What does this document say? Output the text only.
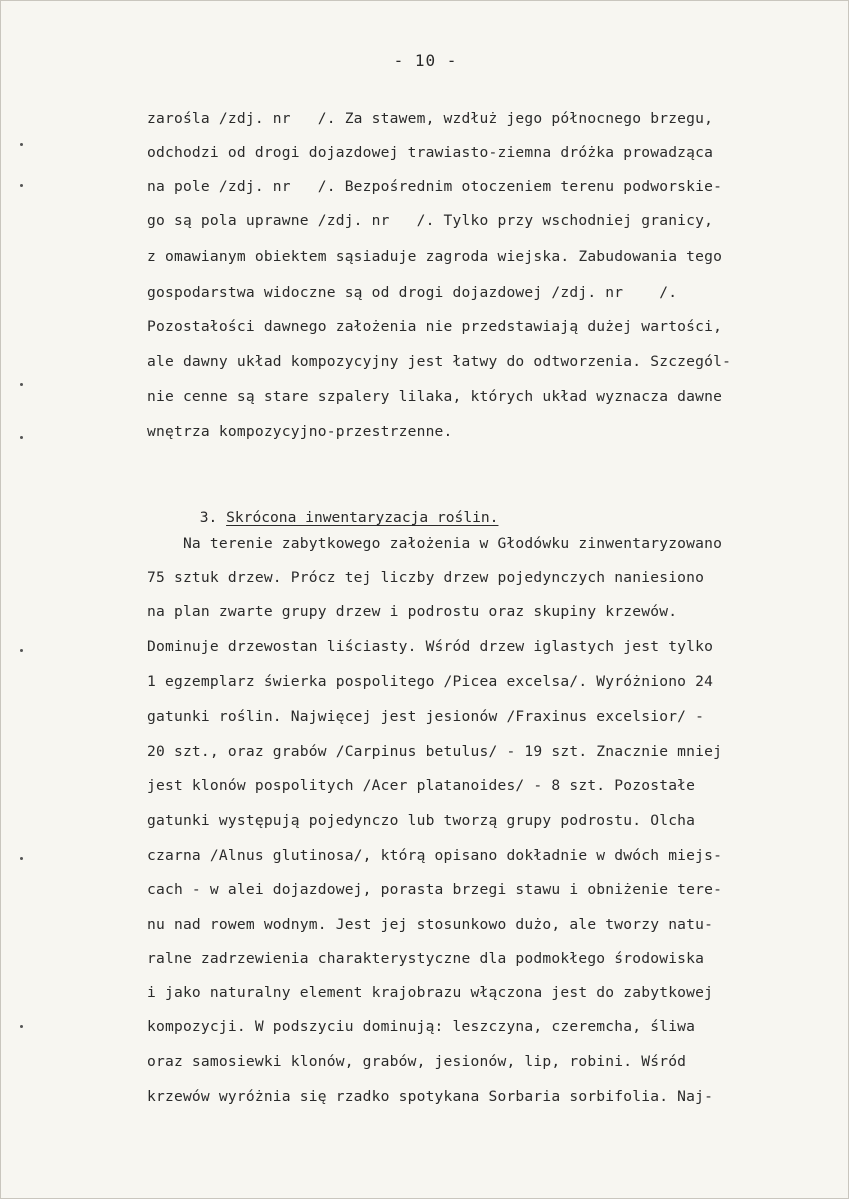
- 10 -
zarośla /zdj. nr   /. Za stawem, wzdłuż jego północnego brzegu,
odchodzi od drogi dojazdowej trawiasto-ziemna dróżka prowadząca
na pole /zdj. nr   /. Bezpośrednim otoczeniem terenu podworskie-
go są pola uprawne /zdj. nr   /. Tylko przy wschodniej granicy,
z omawianym obiektem sąsiaduje zagroda wiejska. Zabudowania tego
gospodarstwa widoczne są od drogi dojazdowej /zdj. nr    /.
Pozostałości dawnego założenia nie przedstawiają dużej wartości,
ale dawny układ kompozycyjny jest łatwy do odtworzenia. Szczegól-
nie cenne są stare szpalery lilaka, których układ wyznacza dawne
wnętrza kompozycyjno-przestrzenne.

3. Skrócona inwentaryzacja roślin.

Na terenie zabytkowego założenia w Głodówku zinwentaryzowano
75 sztuk drzew. Prócz tej liczby drzew pojedynczych naniesiono
na plan zwarte grupy drzew i podrostu oraz skupiny krzewów.
Dominuje drzewostan liściasty. Wśród drzew iglastych jest tylko
1 egzemplarz świerka pospolitego /Picea excelsa/. Wyróżniono 24
gatunki roślin. Najwięcej jest jesionów /Fraxinus excelsior/ -
20 szt., oraz grabów /Carpinus betulus/ - 19 szt. Znacznie mniej
jest klonów pospolitych /Acer platanoides/ - 8 szt. Pozostałe
gatunki występują pojedynczo lub tworzą grupy podrostu. Olcha
czarna /Alnus glutinosa/, którą opisano dokładnie w dwóch miejs-
cach - w alei dojazdowej, porasta brzegi stawu i obniżenie tere-
nu nad rowem wodnym. Jest jej stosunkowo dużo, ale tworzy natu-
ralne zadrzewienia charakterystyczne dla podmokłego środowiska
i jako naturalny element krajobrazu włączona jest do zabytkowej
kompozycji. W podszyciu dominują: leszczyna, czeremcha, śliwa
oraz samosiewki klonów, grabów, jesionów, lip, robini. Wśród
krzewów wyróżnia się rzadko spotykana Sorbaria sorbifolia. Naj-
